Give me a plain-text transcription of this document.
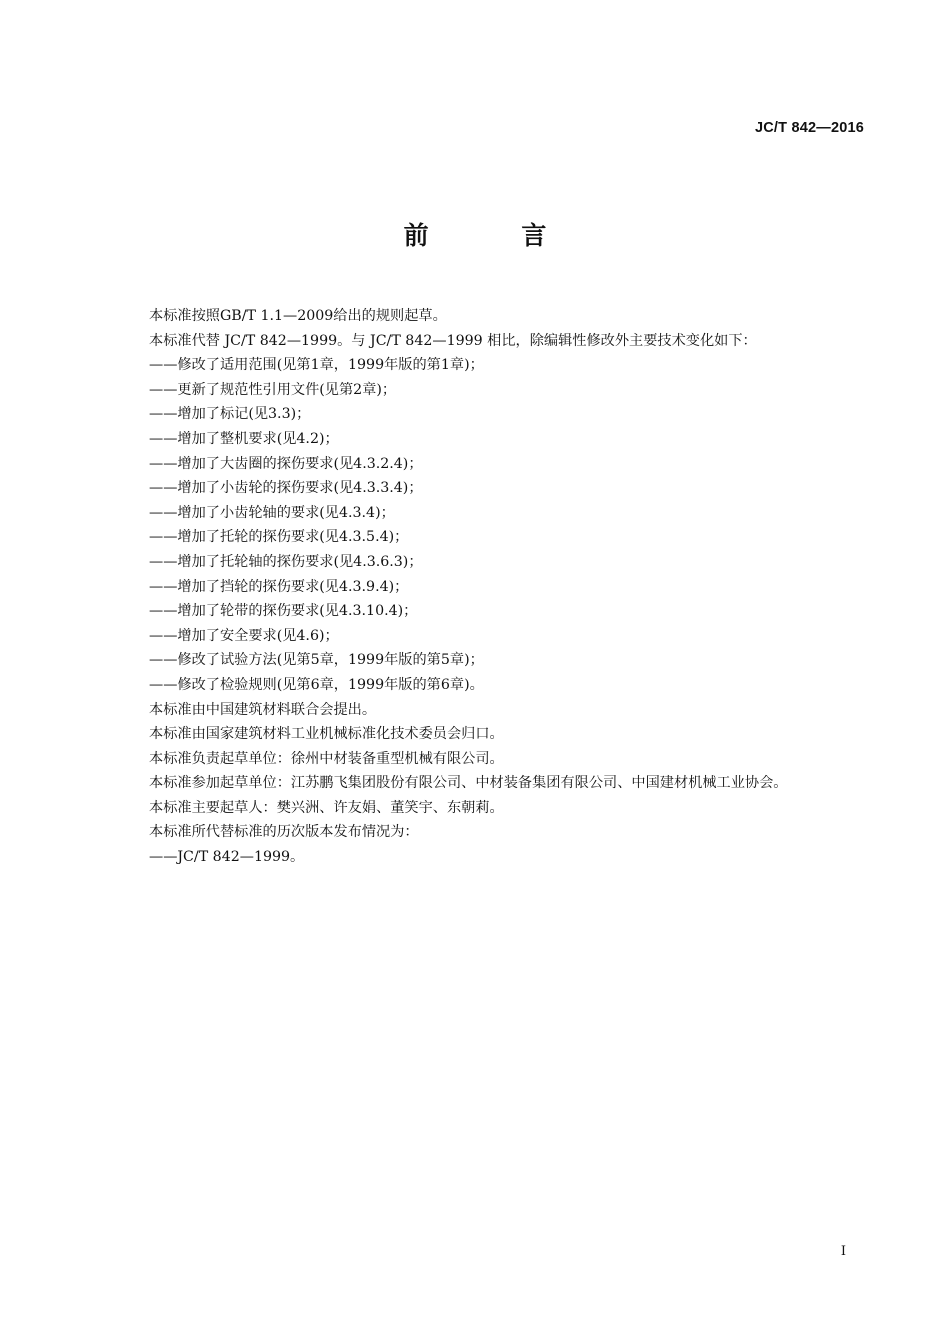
JC/T 842—2016
前 言

本标准按照GB/T 1.1—2009给出的规则起草。

本标准代替 JC/T 842—1999。与 JC/T 842—1999 相比，除编辑性修改外主要技术变化如下：

——修改了适用范围(见第1章，1999年版的第1章)；

——更新了规范性引用文件(见第2章)；

——增加了标记(见3.3)；

——增加了整机要求(见4.2)；

——增加了大齿圈的探伤要求(见4.3.2.4)；

——增加了小齿轮的探伤要求(见4.3.3.4)；

——增加了小齿轮轴的要求(见4.3.4)；

——增加了托轮的探伤要求(见4.3.5.4)；

——增加了托轮轴的探伤要求(见4.3.6.3)；

——增加了挡轮的探伤要求(见4.3.9.4)；

——增加了轮带的探伤要求(见4.3.10.4)；

——增加了安全要求(见4.6)；

——修改了试验方法(见第5章，1999年版的第5章)；

——修改了检验规则(见第6章，1999年版的第6章)。

本标准由中国建筑材料联合会提出。

本标准由国家建筑材料工业机械标准化技术委员会归口。

本标准负责起草单位：徐州中材装备重型机械有限公司。

本标准参加起草单位：江苏鹏飞集团股份有限公司、中材装备集团有限公司、中国建材机械工业协会。

本标准主要起草人：樊兴洲、许友娟、董笑宇、东朝莉。

本标准所代替标准的历次版本发布情况为：

——JC/T 842—1999。

I
